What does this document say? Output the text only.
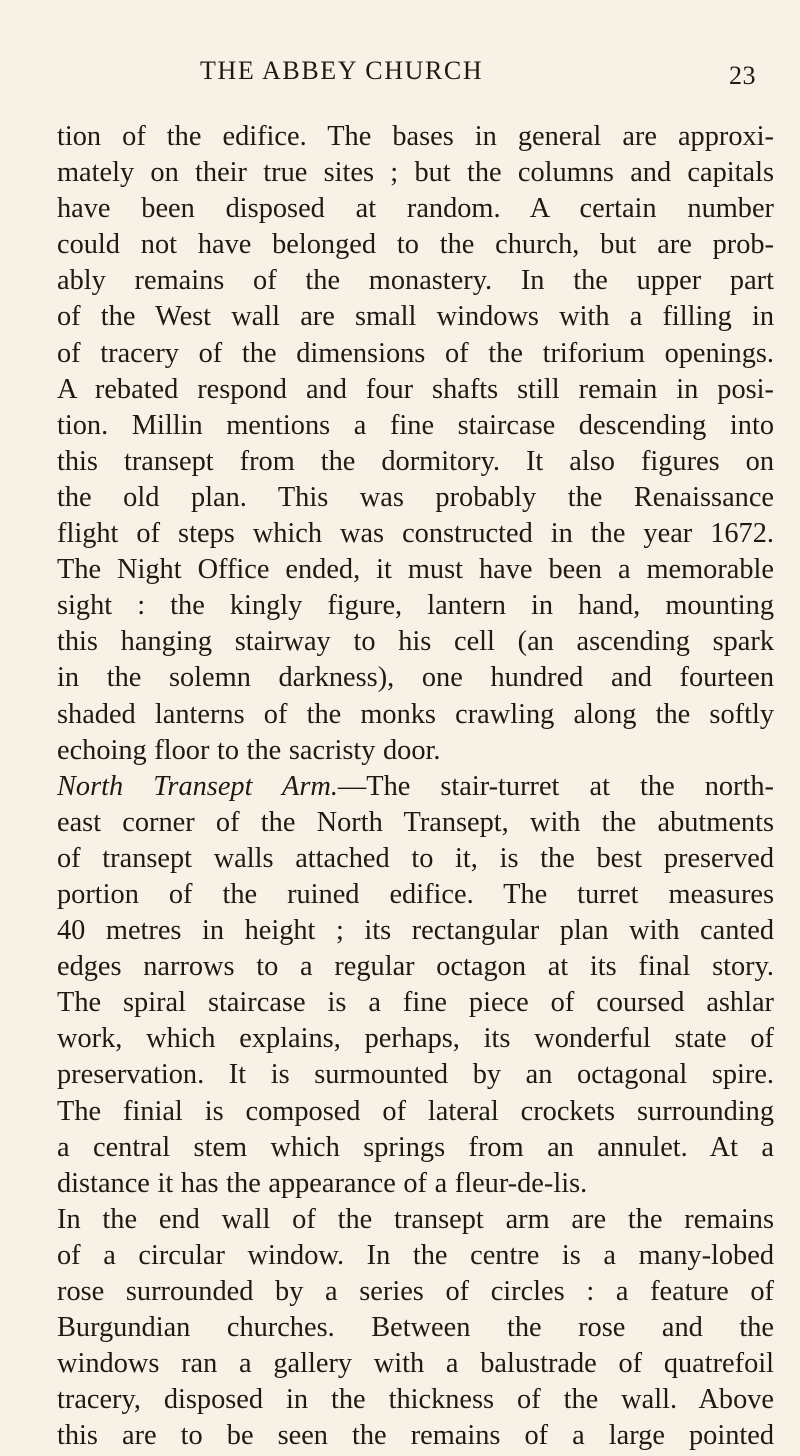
THE ABBEY CHURCH	23
tion of the edifice. The bases in general are approxi-
mately on their true sites ; but the columns and capitals
have been disposed at random. A certain number
could not have belonged to the church, but are prob-
ably remains of the monastery. In the upper part
of the West wall are small windows with a filling in
of tracery of the dimensions of the triforium openings.
A rebated respond and four shafts still remain in posi-
tion. Millin mentions a fine staircase descending into
this transept from the dormitory. It also figures on
the old plan. This was probably the Renaissance
flight of steps which was constructed in the year 1672.
The Night Office ended, it must have been a memorable
sight : the kingly figure, lantern in hand, mounting
this hanging stairway to his cell (an ascending spark
in the solemn darkness), one hundred and fourteen
shaded lanterns of the monks crawling along the softly
echoing floor to the sacristy door.
North Transept Arm.—The stair-turret at the north-
east corner of the North Transept, with the abutments
of transept walls attached to it, is the best preserved
portion of the ruined edifice. The turret measures
40 metres in height ; its rectangular plan with canted
edges narrows to a regular octagon at its final story.
The spiral staircase is a fine piece of coursed ashlar
work, which explains, perhaps, its wonderful state of
preservation. It is surmounted by an octagonal spire.
The finial is composed of lateral crockets surrounding
a central stem which springs from an annulet. At a
distance it has the appearance of a fleur-de-lis.
In the end wall of the transept arm are the remains
of a circular window. In the centre is a many-lobed
rose surrounded by a series of circles : a feature of
Burgundian churches. Between the rose and the
windows ran a gallery with a balustrade of quatrefoil
tracery, disposed in the thickness of the wall. Above
this are to be seen the remains of a large pointed
